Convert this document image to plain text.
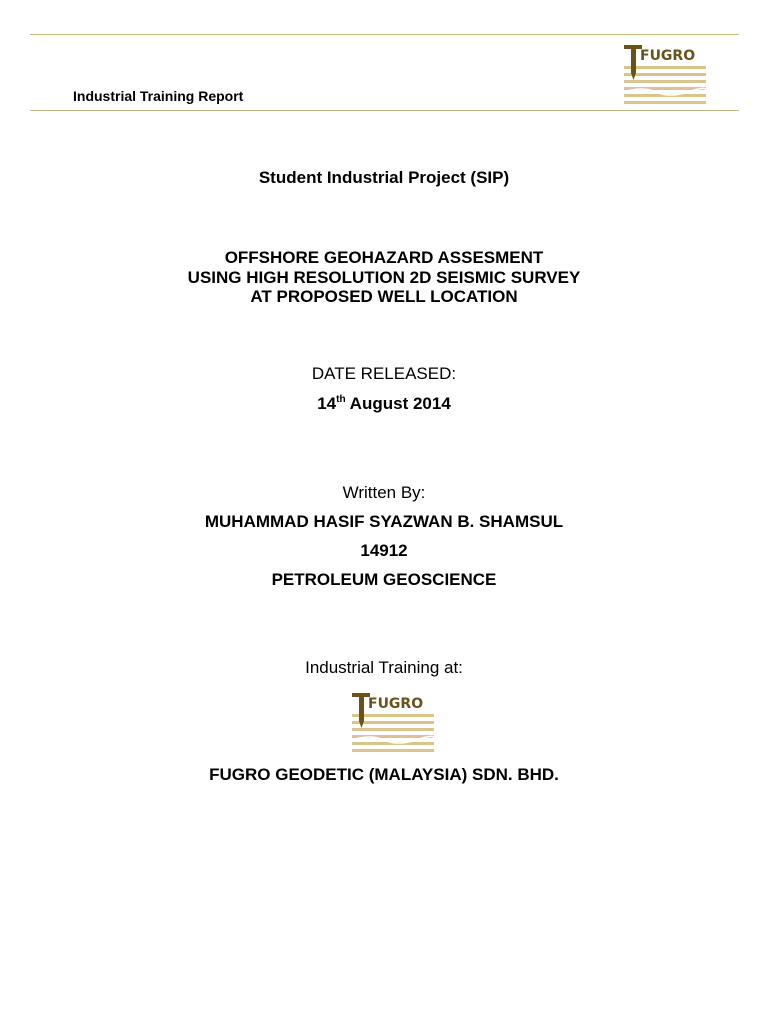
Industrial Training Report
FUGRO
Student Industrial Project (SIP)
OFFSHORE GEOHAZARD ASSESMENT
USING HIGH RESOLUTION 2D SEISMIC SURVEY
AT PROPOSED WELL LOCATION
DATE RELEASED:
14th August 2014
Written By:
MUHAMMAD HASIF SYAZWAN B. SHAMSUL
14912
PETROLEUM GEOSCIENCE
Industrial Training at:
FUGRO
FUGRO GEODETIC (MALAYSIA) SDN. BHD.
